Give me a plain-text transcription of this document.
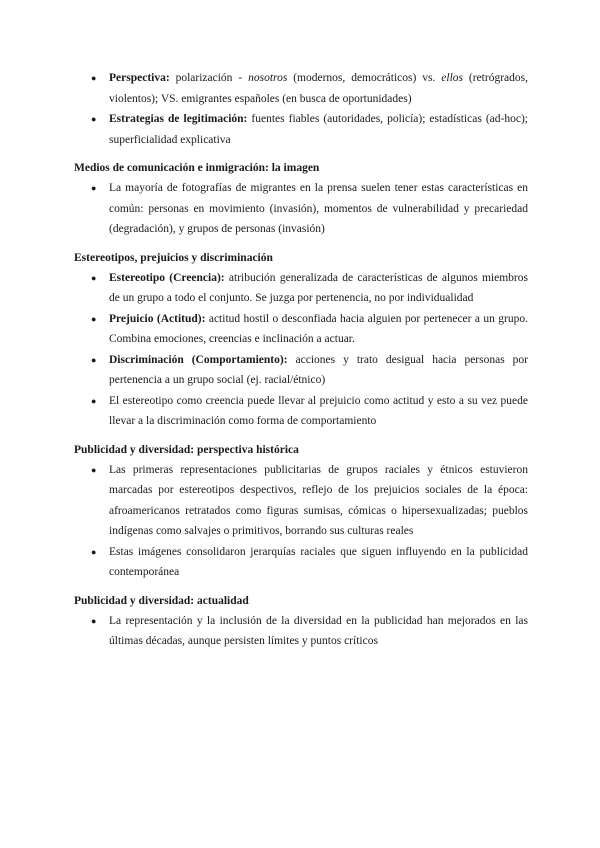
● Perspectiva: polarización - nosotros (modernos, democráticos) vs. ellos (retrógrados, violentos); VS. emigrantes españoles (en busca de oportunidades)
● Estrategias de legitimación: fuentes fiables (autoridades, policía); estadísticas (ad-hoc); superficialidad explicativa

Medios de comunicación e inmigración: la imagen

● La mayoría de fotografías de migrantes en la prensa suelen tener estas características en común: personas en movimiento (invasión), momentos de vulnerabilidad y precariedad (degradación), y grupos de personas (invasión)

Estereotipos, prejuicios y discriminación

● Estereotipo (Creencia): atribución generalizada de características de algunos miembros de un grupo a todo el conjunto. Se juzga por pertenencia, no por individualidad
● Prejuicio (Actitud): actitud hostil o desconfiada hacia alguien por pertenecer a un grupo. Combina emociones, creencias e inclinación a actuar.
● Discriminación (Comportamiento): acciones y trato desigual hacia personas por pertenencia a un grupo social (ej. racial/étnico)
● El estereotipo como creencia puede llevar al prejuicio como actitud y esto a su vez puede llevar a la discriminación como forma de comportamiento

Publicidad y diversidad: perspectiva histórica

● Las primeras representaciones publicitarias de grupos raciales y étnicos estuvieron marcadas por estereotipos despectivos, reflejo de los prejuicios sociales de la época: afroamericanos retratados como figuras sumisas, cómicas o hipersexualizadas; pueblos indígenas como salvajes o primitivos, borrando sus culturas reales
● Estas imágenes consolidaron jerarquías raciales que siguen influyendo en la publicidad contemporánea

Publicidad y diversidad: actualidad

● La representación y la inclusión de la diversidad en la publicidad han mejorados en las últimas décadas, aunque persisten límites y puntos críticos
